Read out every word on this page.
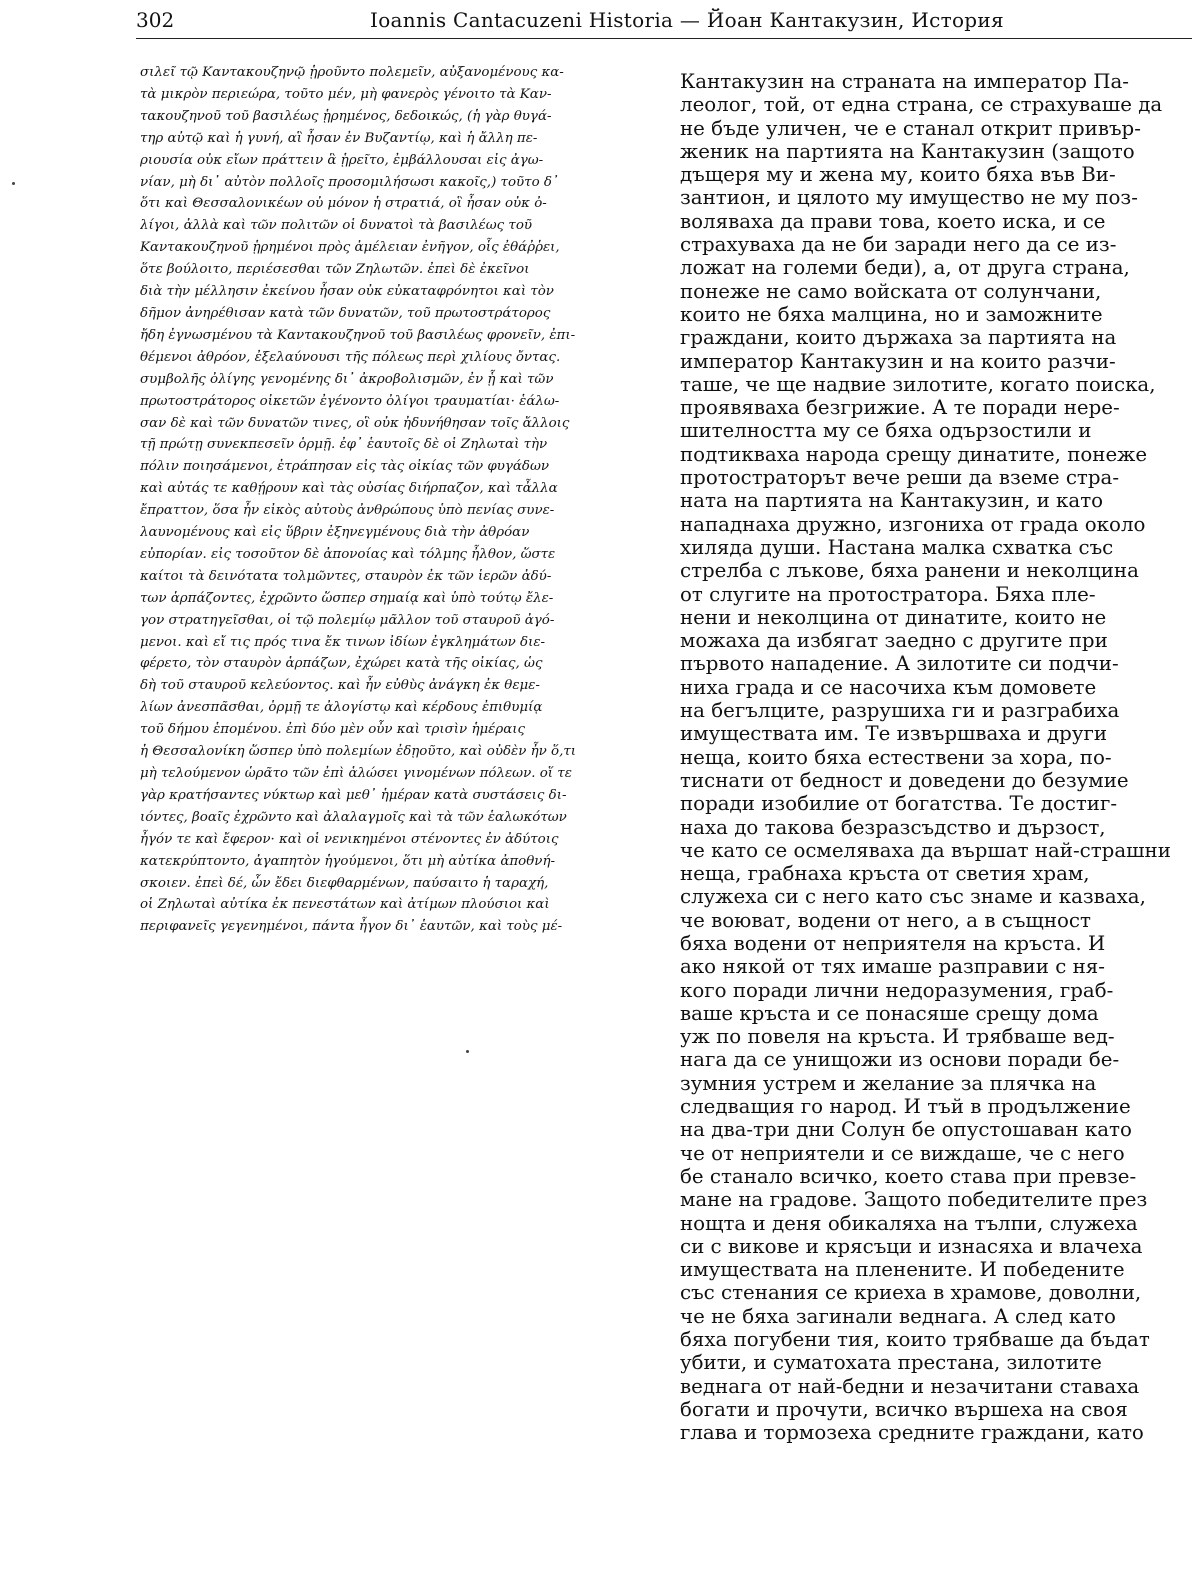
302	Ioannis Cantacuzeni Historia — Йоан Кантакузин, История
σιλεῖ τῷ Καντακουζηνῷ ᾑροῦντο πολεμεῖν, αὐξανομένους κα-
τὰ μικρὸν περιεώρα, τοῦτο μέν, μὴ φανερὸς γένοιτο τὰ Καν-
τακουζηνοῦ τοῦ βασιλέως ᾑρημένος, δεδοικώς, (ἡ γὰρ θυγά-
τηρ αὐτῷ καὶ ἡ γυνή, αἳ ἦσαν ἐν Βυζαντίῳ, καὶ ἡ ἄλλη πε-
ριουσία οὐκ εἴων πράττειν ἃ ᾑρεῖτο, ἐμβάλλουσαι εἰς ἀγω-
νίαν, μὴ δι᾽ αὐτὸν πολλοῖς προσομιλήσωσι κακοῖς,) τοῦτο δ᾽
ὅτι καὶ Θεσσαλονικέων οὐ μόνον ἡ στρατιά, οἳ ἦσαν οὐκ ὀ-
λίγοι, ἀλλὰ καὶ τῶν πολιτῶν οἱ δυνατοὶ τὰ βασιλέως τοῦ
Καντακουζηνοῦ ᾑρημένοι πρὸς ἀμέλειαν ἐνῆγον, οἷς ἐθάῤῥει,
ὅτε βούλοιτο, περιέσεσθαι τῶν Ζηλωτῶν. ἐπεὶ δὲ ἐκεῖνοι
διὰ τὴν μέλλησιν ἐκείνου ἦσαν οὐκ εὐκαταφρόνητοι καὶ τὸν
δῆμον ἀνηρέθισαν κατὰ τῶν δυνατῶν, τοῦ πρωτοστράτορος
ἤδη ἐγνωσμένου τὰ Καντακουζηνοῦ τοῦ βασιλέως φρονεῖν, ἐπι-
θέμενοι ἀθρόον, ἐξελαύνουσι τῆς πόλεως περὶ χιλίους ὄντας.
συμβολῆς ὀλίγης γενομένης δι᾽ ἀκροβολισμῶν, ἐν ᾗ καὶ τῶν
πρωτοστράτορος οἰκετῶν ἐγένοντο ὀλίγοι τραυματίαι· ἑάλω-
σαν δὲ καὶ τῶν δυνατῶν τινες, οἳ οὐκ ἠδυνήθησαν τοῖς ἄλλοις
τῇ πρώτῃ συνεκπεσεῖν ὁρμῇ. ἐφ᾽ ἑαυτοῖς δὲ οἱ Ζηλωταὶ τὴν
πόλιν ποιησάμενοι, ἐτράπησαν εἰς τὰς οἰκίας τῶν φυγάδων
καὶ αὐτάς τε καθῄρουν καὶ τὰς οὐσίας διήρπαζον, καὶ τἆλλα
ἔπραττον, ὅσα ἦν εἰκὸς αὐτοὺς ἀνθρώπους ὑπὸ πενίας συνε-
λαυνομένους καὶ εἰς ὕβριν ἐξηνεγμένους διὰ τὴν ἀθρόαν
εὐπορίαν. εἰς τοσοῦτον δὲ ἀπονοίας καὶ τόλμης ἦλθον, ὥστε
καίτοι τὰ δεινότατα τολμῶντες, σταυρὸν ἐκ τῶν ἱερῶν ἀδύ-
των ἁρπάζοντες, ἐχρῶντο ὥσπερ σημαίᾳ καὶ ὑπὸ τούτῳ ἔλε-
γον στρατηγεῖσθαι, οἱ τῷ πολεμίῳ μᾶλλον τοῦ σταυροῦ ἀγό-
μενοι. καὶ εἴ τις πρός τινα ἔκ τινων ἰδίων ἐγκλημάτων διε-
φέρετο, τὸν σταυρὸν ἁρπάζων, ἐχώρει κατὰ τῆς οἰκίας, ὡς
δὴ τοῦ σταυροῦ κελεύοντος. καὶ ἦν εὐθὺς ἀνάγκη ἐκ θεμε-
λίων ἀνεσπᾶσθαι, ὁρμῇ τε ἀλογίστῳ καὶ κέρδους ἐπιθυμίᾳ
τοῦ δήμου ἑπομένου. ἐπὶ δύο μὲν οὖν καὶ τρισὶν ἡμέραις
ἡ Θεσσαλονίκη ὥσπερ ὑπὸ πολεμίων ἐδῃοῦτο, καὶ οὐδὲν ἦν ὅ,τι
μὴ τελούμενον ὡρᾶτο τῶν ἐπὶ ἁλώσει γινομένων πόλεων. οἵ τε
γὰρ κρατήσαντες νύκτωρ καὶ μεθ᾽ ἡμέραν κατὰ συστάσεις δι-
ιόντες, βοαῖς ἐχρῶντο καὶ ἀλαλαγμοῖς καὶ τὰ τῶν ἑαλωκότων
ἦγόν τε καὶ ἔφερον· καὶ οἱ νενικημένοι στένοντες ἐν ἀδύτοις
κατεκρύπτοντο, ἀγαπητὸν ἡγούμενοι, ὅτι μὴ αὐτίκα ἀποθνή-
σκοιεν. ἐπεὶ δέ, ὧν ἔδει διεφθαρμένων, παύσαιτο ἡ ταραχή,
οἱ Ζηλωταὶ αὐτίκα ἐκ πενεστάτων καὶ ἀτίμων πλούσιοι καὶ
περιφανεῖς γεγενημένοι, πάντα ἦγον δι᾽ ἑαυτῶν, καὶ τοὺς μέ-
Кантакузин на страната на император Па-
леолог, той, от една страна, се страхуваше да
не бъде уличен, че е станал открит привър-
женик на партията на Кантакузин (защото
дъщеря му и жена му, които бяха във Ви-
зантион, и цялото му имущество не му поз-
воляваха да прави това, което иска, и се
страхуваха да не би заради него да се из-
ложат на големи беди), а, от друга страна,
понеже не само войската от солунчани,
които не бяха малцина, но и заможните
граждани, които държаха за партията на
император Кантакузин и на които разчи-
таше, че ще надвие зилотите, когато поиска,
проявяваха безгрижие. А те поради нере-
шителността му се бяха одързостили и
подтикваха народа срещу динатите, понеже
протостраторът вече реши да вземе стра-
ната на партията на Кантакузин, и като
нападнаха дружно, изгониха от града около
хиляда души. Настана малка схватка със
стрелба с лъкове, бяха ранени и неколцина
от слугите на протостратора. Бяха пле-
нени и неколцина от динатите, които не
можаха да избягат заедно с другите при
първото нападение. А зилотите си подчи-
ниха града и се насочиха към домовете
на бегълците, разрушиха ги и разграбиха
имуществата им. Те извършваха и други
неща, които бяха естествени за хора, по-
тиснати от бедност и доведени до безумие
поради изобилие от богатства. Те достиг-
наха до такова безразсъдство и дързост,
че като се осмеляваха да вършат най-страшни
неща, грабнаха кръста от светия храм,
служеха си с него като със знаме и казваха,
че воюват, водени от него, а в същност
бяха водени от неприятеля на кръста. И
ако някой от тях имаше разправии с ня-
кого поради лични недоразумения, граб-
ваше кръста и се понасяше срещу дома
уж по повеля на кръста. И трябваше вед-
нага да се унищожи из основи поради бе-
зумния устрем и желание за плячка на
следващия го народ. И тъй в продължение
на два-три дни Солун бе опустошаван като
че от неприятели и се виждаше, че с него
бе станало всичко, което става при превзе-
мане на градове. Защото победителите през
нощта и деня обикаляха на тълпи, служеха
си с викове и крясъци и изнасяха и влачеха
имуществата на пленените. И победените
със стенания се криеха в храмове, доволни,
че не бяха загинали веднага. А след като
бяха погубени тия, които трябваше да бъдат
убити, и суматохата престана, зилотите
веднага от най-бедни и незачитани ставаха
богати и прочути, всичко вършеха на своя
глава и тормозеха средните граждани, като
